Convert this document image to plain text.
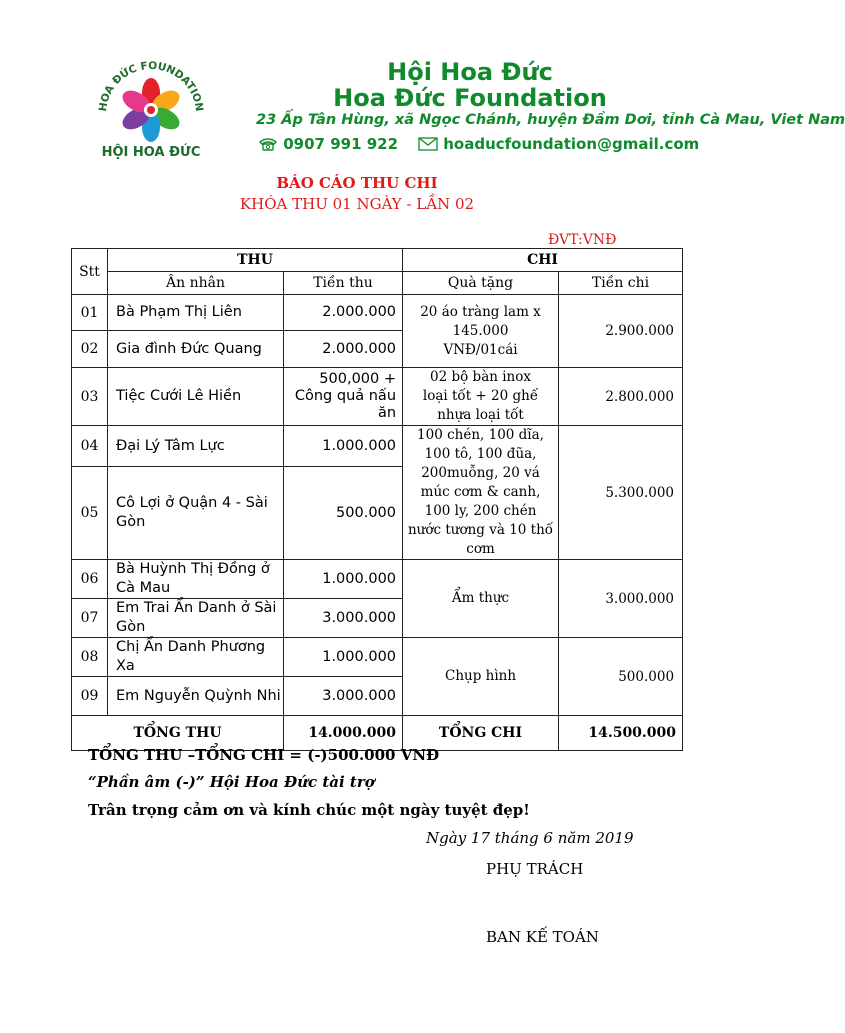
HOA ĐỨC FOUNDATION
HỘI HOA ĐỨC
Hội Hoa Đức
Hoa Đức Foundation
23 Ấp Tân Hùng, xã Ngọc Chánh, huyện Đầm Dơi, tỉnh Cà Mau, Viet Nam
0907 991 922	hoaducfoundation@gmail.com
BÁO CÁO THU CHI
KHÓA THU 01 NGÀY - LẦN 02
ĐVT:VNĐ
Stt	THU		CHI	
	Ân nhân	Tiền thu	Quà tặng	Tiền chi
01	Bà Phạm Thị Liên	2.000.000	20 áo tràng lam x 145.000 VNĐ/01cái	2.900.000
02	Gia đình Đức Quang	2.000.000		
03	Tiệc Cưới Lê Hiền	500,000 + Công quả nấu ăn	02 bộ bàn inox loại tốt + 20 ghế nhựa loại tốt	2.800.000
04	Đại Lý Tâm Lực	1.000.000	100 chén, 100 dĩa, 100 tô, 100 đũa, 200muỗng, 20 vá múc cơm & canh, 100 ly, 200 chén nước tương và 10 thố cơm	5.300.000
05	Cô Lợi ở Quận 4 - Sài Gòn	500.000		
06	Bà Huỳnh Thị Đồng ở Cà Mau	1.000.000	Ẩm thực	3.000.000
07	Em Trai Ẩn Danh ở Sài Gòn	3.000.000		
08	Chị Ẩn Danh Phương Xa	1.000.000	Chụp hình	500.000
09	Em Nguyễn Quỳnh Nhi	3.000.000		
TỔNG THU		14.000.000	TỔNG CHI	14.500.000
TỔNG THU –TỔNG CHI = (-)500.000 VNĐ
“Phần âm (-)” Hội Hoa Đức tài trợ
Trân trọng cảm ơn và kính chúc một ngày tuyệt đẹp!
Ngày 17 tháng 6 năm 2019
PHỤ TRÁCH
BAN KẾ TOÁN
